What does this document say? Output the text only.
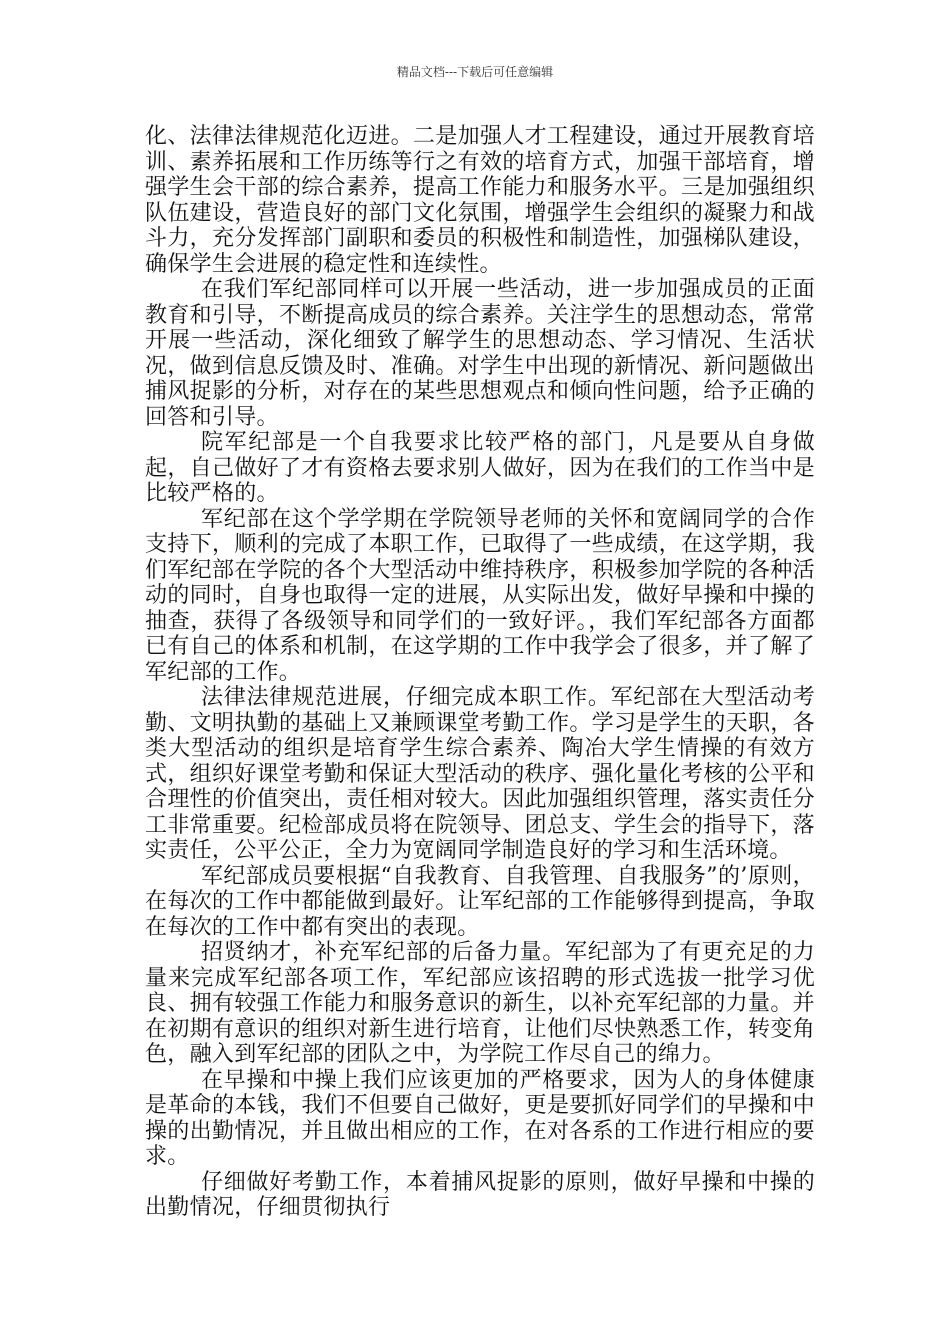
精品文档---下载后可任意编辑

化、法律法律规范化迈进。二是加强人才工程建设，通过开展教育培训、素养拓展和工作历练等行之有效的培育方式，加强干部培育，增强学生会干部的综合素养，提高工作能力和服务水平。三是加强组织队伍建设，营造良好的部门文化氛围，增强学生会组织的凝聚力和战斗力，充分发挥部门副职和委员的积极性和制造性，加强梯队建设，确保学生会进展的稳定性和连续性。

在我们军纪部同样可以开展一些活动，进一步加强成员的正面教育和引导，不断提高成员的综合素养。关注学生的思想动态，常常开展一些活动，深化细致了解学生的思想动态、学习情况、生活状况，做到信息反馈及时、准确。对学生中出现的新情况、新问题做出捕风捉影的分析，对存在的某些思想观点和倾向性问题，给予正确的回答和引导。

院军纪部是一个自我要求比较严格的部门，凡是要从自身做起，自己做好了才有资格去要求别人做好，因为在我们的工作当中是比较严格的。

军纪部在这个学学期在学院领导老师的关怀和宽阔同学的合作支持下，顺利的完成了本职工作，已取得了一些成绩，在这学期，我们军纪部在学院的各个大型活动中维持秩序，积极参加学院的各种活动的同时，自身也取得一定的进展，从实际出发，做好早操和中操的抽查，获得了各级领导和同学们的一致好评。，我们军纪部各方面都已有自己的体系和机制，在这学期的工作中我学会了很多，并了解了军纪部的工作。

法律法律规范进展，仔细完成本职工作。军纪部在大型活动考勤、文明执勤的基础上又兼顾课堂考勤工作。学习是学生的天职，各类大型活动的组织是培育学生综合素养、陶冶大学生情操的有效方式，组织好课堂考勤和保证大型活动的秩序、强化量化考核的公平和合理性的价值突出，责任相对较大。因此加强组织管理，落实责任分工非常重要。纪检部成员将在院领导、团总支、学生会的指导下，落实责任，公平公正，全力为宽阔同学制造良好的学习和生活环境。

军纪部成员要根据“自我教育、自我管理、自我服务”的’原则，在每次的工作中都能做到最好。让军纪部的工作能够得到提高，争取在每次的工作中都有突出的表现。

招贤纳才，补充军纪部的后备力量。军纪部为了有更充足的力量来完成军纪部各项工作，军纪部应该招聘的形式选拔一批学习优良、拥有较强工作能力和服务意识的新生，以补充军纪部的力量。并在初期有意识的组织对新生进行培育，让他们尽快熟悉工作，转变角色，融入到军纪部的团队之中，为学院工作尽自己的绵力。

在早操和中操上我们应该更加的严格要求，因为人的身体健康是革命的本钱，我们不但要自己做好，更是要抓好同学们的早操和中操的出勤情况，并且做出相应的工作，在对各系的工作进行相应的要求。

仔细做好考勤工作，本着捕风捉影的原则，做好早操和中操的出勤情况，仔细贯彻执行
